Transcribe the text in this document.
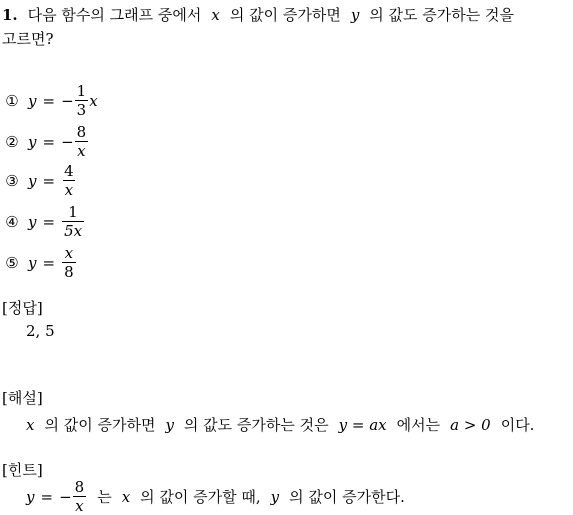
1. 다음 함수의 그래프 중에서 x 의 값이 증가하면 y 의 값도 증가하는 것을
고르면?
① y = − $\frac{1}{3}$ x
② y = − $\frac{8}{x}$
③ $y = \frac{4}{x}$
④ $y = \frac{1}{5x}$
⑤ $y = \frac{x}{8}$
[정답]
2, 5
[해설]
x 의 값이 증가하면 y 의 값도 증가하는 것은 y = ax 에서는 a > 0 이다.
[힌트]
y = − $\frac{8}{x}$ 는 x 의 값이 증가할 때, y 의 값이 증가한다.
